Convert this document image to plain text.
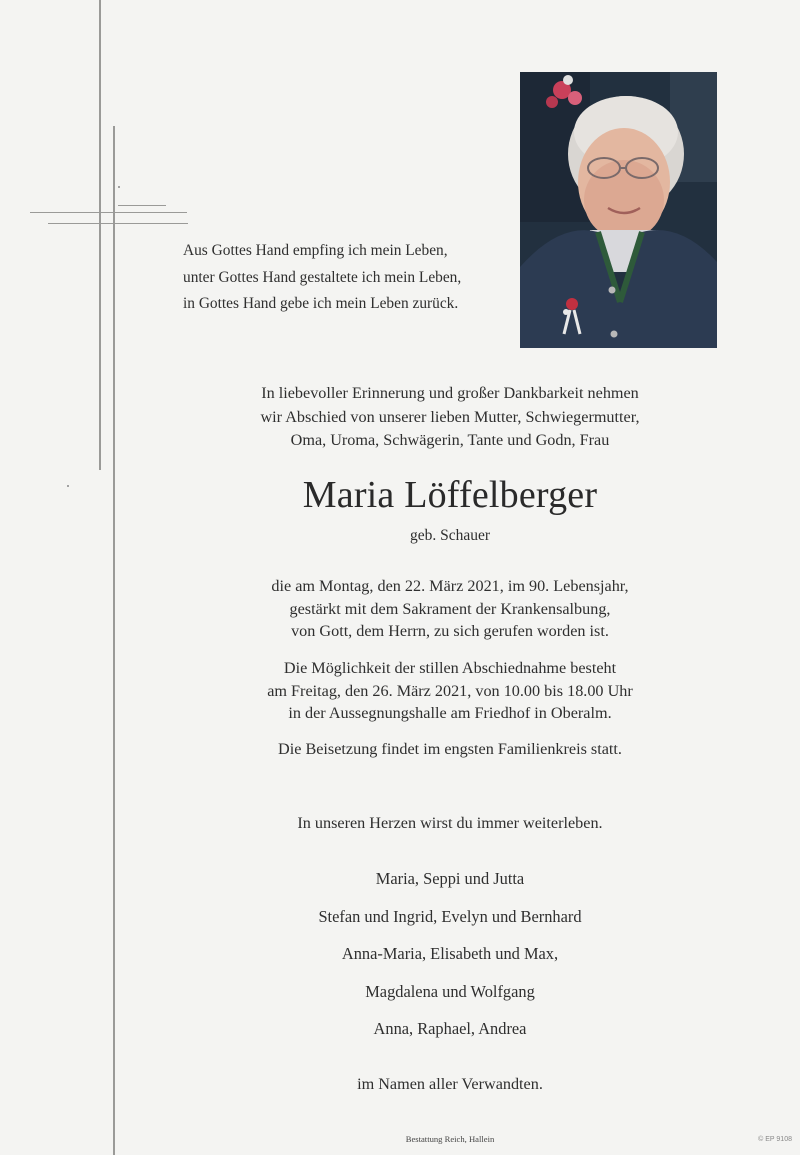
Aus Gottes Hand empfing ich mein Leben,
unter Gottes Hand gestaltete ich mein Leben,
in Gottes Hand gebe ich mein Leben zurück.
In liebevoller Erinnerung und großer Dankbarkeit nehmen
wir Abschied von unserer lieben Mutter, Schwiegermutter,
Oma, Uroma, Schwägerin, Tante und Godn, Frau
Maria Löffelberger
geb. Schauer
die am Montag, den 22. März 2021, im 90. Lebensjahr,
gestärkt mit dem Sakrament der Krankensalbung,
von Gott, dem Herrn, zu sich gerufen worden ist.
Die Möglichkeit der stillen Abschiednahme besteht
am Freitag, den 26. März 2021, von 10.00 bis 18.00 Uhr
in der Aussegnungshalle am Friedhof in Oberalm.
Die Beisetzung findet im engsten Familienkreis statt.
In unseren Herzen wirst du immer weiterleben.
Maria, Seppi und Jutta
Stefan und Ingrid, Evelyn und Bernhard
Anna-Maria, Elisabeth und Max,
Magdalena und Wolfgang
Anna, Raphael, Andrea
im Namen aller Verwandten.
Bestattung Reich, Hallein	© EP 9108
